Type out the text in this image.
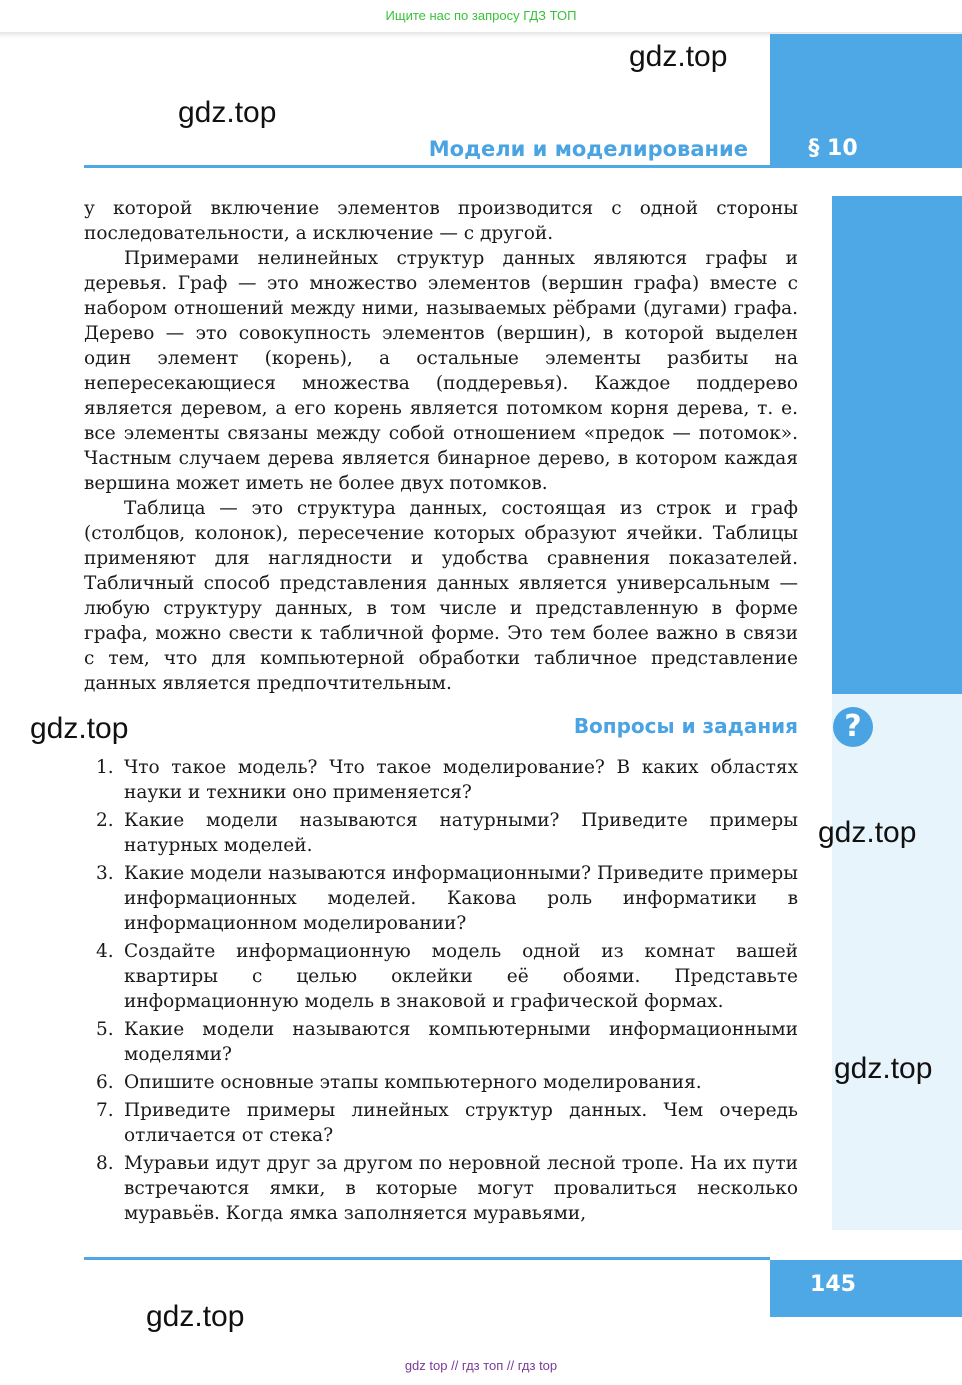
Ищите нас по запросу ГДЗ ТОП
§ 10
Модели и моделирование
gdz.top
gdz.top

у которой включение элементов производится с одной стороны последовательности, а исключение — с другой.

Примерами нелинейных структур данных являются графы и деревья. Граф — это множество элементов (вершин графа) вместе с набором отношений между ними, называемых рёбрами (дугами) графа. Дерево — это совокупность элементов (вершин), в которой выделен один элемент (корень), а остальные элементы разбиты на непересекающиеся множества (поддеревья). Каждое поддерево является деревом, а его корень является потомком корня дерева, т. е. все элементы связаны между собой отношением «предок — потомок». Частным случаем дерева является бинарное дерево, в котором каждая вершина может иметь не более двух потомков.

Таблица — это структура данных, состоящая из строк и граф (столбцов, колонок), пересечение которых образуют ячейки. Таблицы применяют для наглядности и удобства сравнения показателей. Табличный способ представления данных является универсальным — любую структуру данных, в том числе и представленную в форме графа, можно свести к табличной форме. Это тем более важно в связи с тем, что для компьютерной обработки табличное представление данных является предпочтительным.

gdz.top	Вопросы и задания	?
1. Что такое модель? Что такое моделирование? В каких областях науки и техники оно применяется?
2. Какие модели называются натурными? Приведите примеры натурных моделей.
3. Какие модели называются информационными? Приведите примеры информационных моделей. Какова роль информатики в информационном моделировании?
4. Создайте информационную модель одной из комнат вашей квартиры с целью оклейки её обоями. Представьте информационную модель в знаковой и графической формах.
5. Какие модели называются компьютерными информационными моделями?
6. Опишите основные этапы компьютерного моделирования.
7. Приведите примеры линейных структур данных. Чем очередь отличается от стека?
8. Муравьи идут друг за другом по неровной лесной тропе. На их пути встречаются ямки, в которые могут провалиться несколько муравьёв. Когда ямка заполняется муравьями,
gdz.top
gdz.top
145
gdz.top
gdz top // гдз топ // гдз top
